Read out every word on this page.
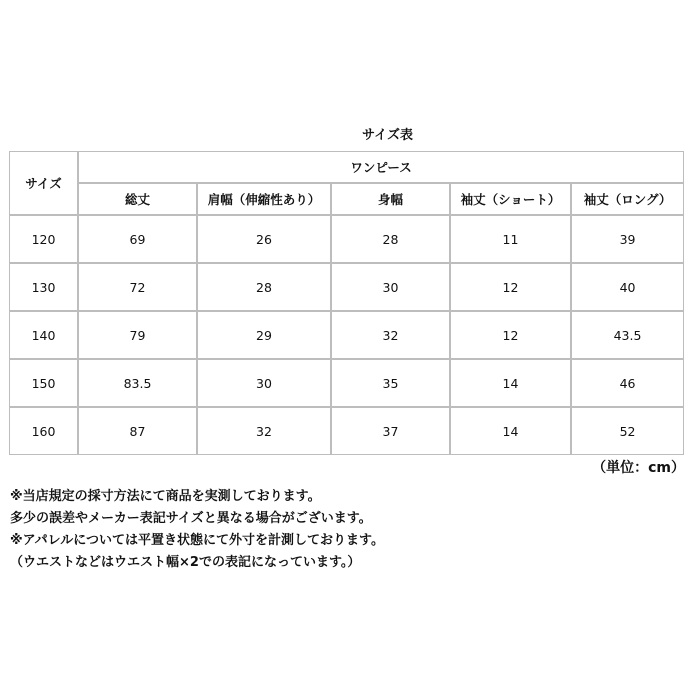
サイズ表
サイズ	ワンピース				
	総丈	肩幅（伸縮性あり）	身幅	袖丈（ショート）	袖丈（ロング）
120	69	26	28	11	39
130	72	28	30	12	40
140	79	29	32	12	43.5
150	83.5	30	35	14	46
160	87	32	37	14	52
（単位：cm）
※当店規定の採寸方法にて商品を実測しております。
多少の誤差やメーカー表記サイズと異なる場合がございます。
※アパレルについては平置き状態にて外寸を計測しております。
（ウエストなどはウエスト幅×2での表記になっています。）
